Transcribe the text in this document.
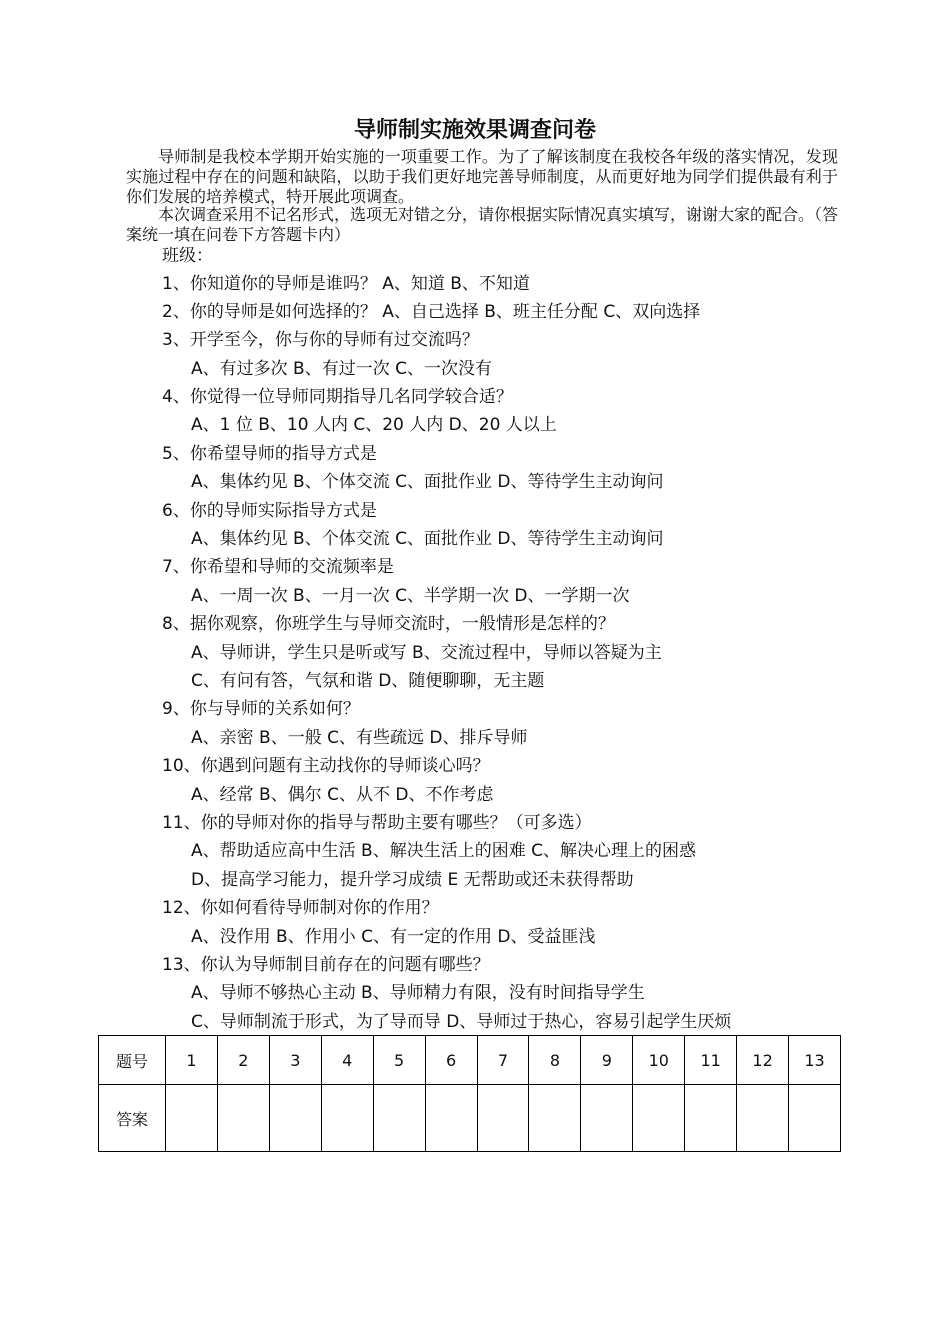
导师制实施效果调查问卷

导师制是我校本学期开始实施的一项重要工作。为了了解该制度在我校各年级的落实情况，发现实施过程中存在的问题和缺陷，以助于我们更好地完善导师制度，从而更好地为同学们提供最有利于你们发展的培养模式，特开展此项调查。

本次调查采用不记名形式，选项无对错之分，请你根据实际情况真实填写，谢谢大家的配合。（答案统一填在问卷下方答题卡内）

班级：

1、你知道你的导师是谁吗？ A、知道 B、不知道

2、你的导师是如何选择的？ A、自己选择 B、班主任分配 C、双向选择

3、开学至今，你与你的导师有过交流吗？

A、有过多次 B、有过一次 C、一次没有

4、你觉得一位导师同期指导几名同学较合适？

A、1 位 B、10 人内 C、20 人内 D、20 人以上

5、你希望导师的指导方式是

A、集体约见 B、个体交流 C、面批作业 D、等待学生主动询问

6、你的导师实际指导方式是

A、集体约见 B、个体交流 C、面批作业 D、等待学生主动询问

7、你希望和导师的交流频率是

A、一周一次 B、一月一次 C、半学期一次 D、一学期一次

8、据你观察，你班学生与导师交流时，一般情形是怎样的？

A、导师讲，学生只是听或写 B、交流过程中，导师以答疑为主

C、有问有答，气氛和谐 D、随便聊聊，无主题

9、你与导师的关系如何？

A、亲密 B、一般 C、有些疏远 D、排斥导师

10、你遇到问题有主动找你的导师谈心吗？

A、经常 B、偶尔 C、从不 D、不作考虑

11、你的导师对你的指导与帮助主要有哪些？（可多选）

A、帮助适应高中生活 B、解决生活上的困难 C、解决心理上的困惑

D、提高学习能力，提升学习成绩 E 无帮助或还未获得帮助

12、你如何看待导师制对你的作用？

A、没作用 B、作用小 C、有一定的作用 D、受益匪浅

13、你认为导师制目前存在的问题有哪些？

A、导师不够热心主动 B、导师精力有限，没有时间指导学生

C、导师制流于形式，为了导而导 D、导师过于热心，容易引起学生厌烦

题号	1	2	3	4	5	6	7	8	9	10	11	12	13
答案													
